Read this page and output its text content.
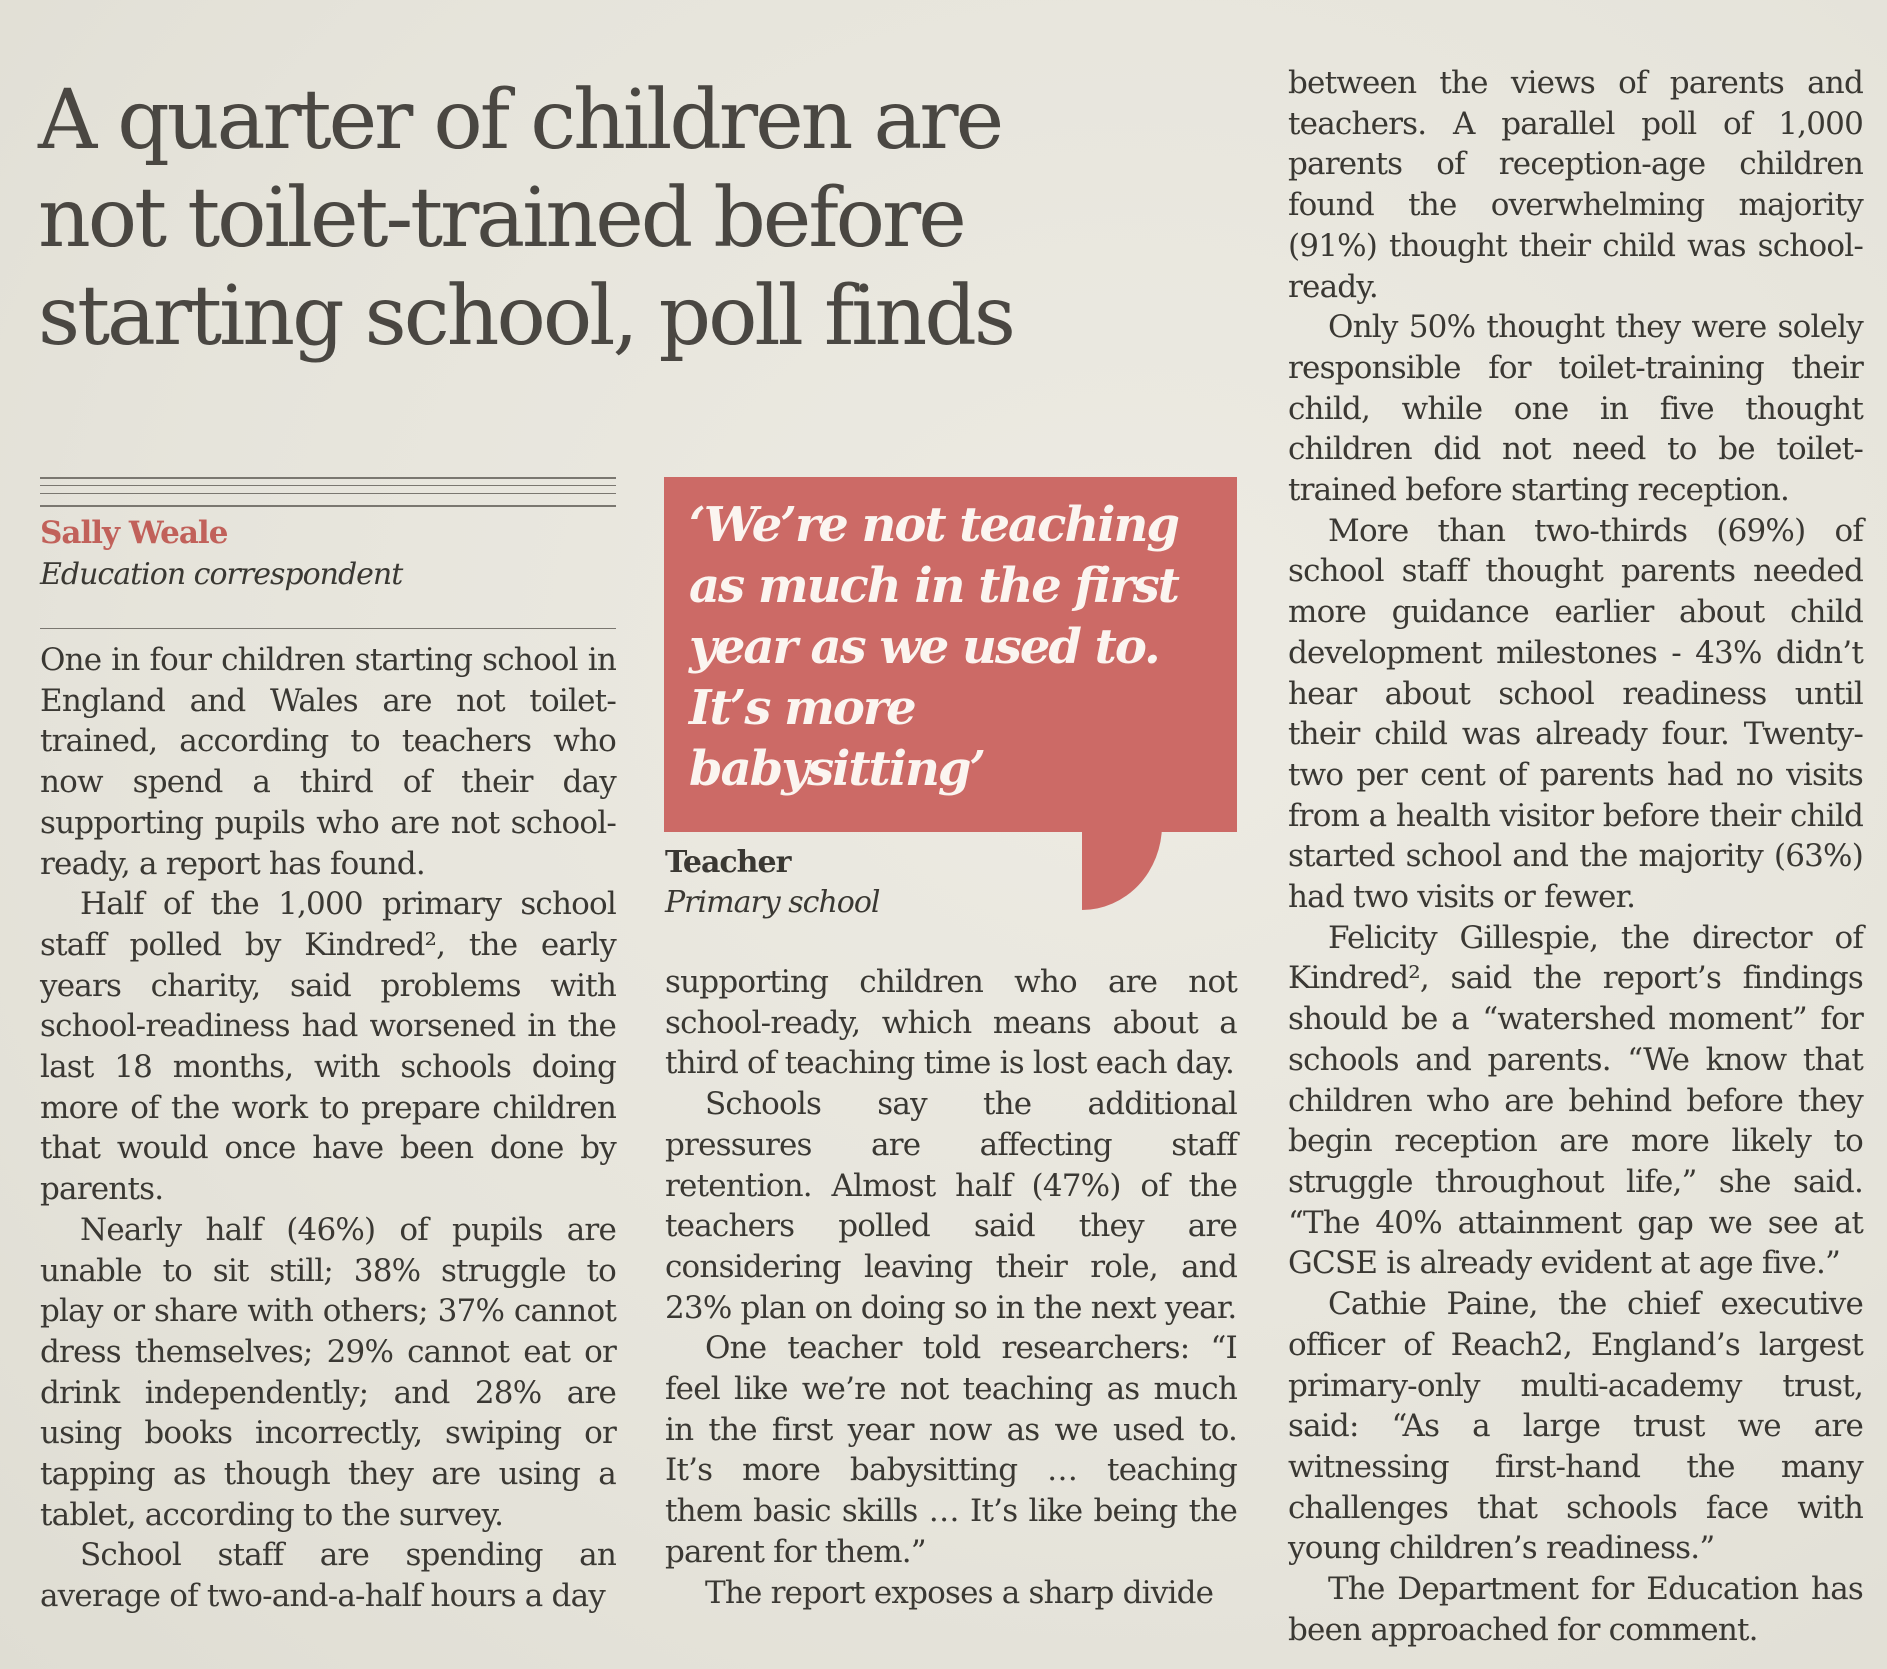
A quarter of children are
not toilet-trained before
starting school, poll finds
Sally Weale
Education correspondent

One in four children starting school in England and Wales are not toilet-trained, according to teachers who now spend a third of their day supporting pupils who are not school-ready, a report has found.

Half of the 1,000 primary school staff polled by Kindred², the early years charity, said problems with school-readiness had worsened in the last 18 months, with schools doing more of the work to prepare children that would once have been done by parents.

Nearly half (46%) of pupils are unable to sit still; 38% struggle to play or share with others; 37% cannot dress themselves; 29% cannot eat or drink independently; and 28% are using books incorrectly, swiping or tapping as though they are using a tablet, according to the survey.

School staff are spending an average of two-and-a-half hours a day

‘We’re not teaching as much in the first year as we used to. It’s more babysitting’

Teacher
Primary school

supporting children who are not school-ready, which means about a third of teaching time is lost each day.

Schools say the additional pressures are affecting staff retention. Almost half (47%) of the teachers polled said they are considering leaving their role, and 23% plan on doing so in the next year.

One teacher told researchers: “I feel like we’re not teaching as much in the first year now as we used to. It’s more babysitting … teaching them basic skills … It’s like being the parent for them.”

The report exposes a sharp divide

between the views of parents and teachers. A parallel poll of 1,000 parents of reception-age children found the overwhelming majority (91%) thought their child was school-ready.

Only 50% thought they were solely responsible for toilet-training their child, while one in five thought children did not need to be toilet-trained before starting reception.

More than two-thirds (69%) of school staff thought parents needed more guidance earlier about child development milestones - 43% didn’t hear about school readiness until their child was already four. Twenty-two per cent of parents had no visits from a health visitor before their child started school and the majority (63%) had two visits or fewer.

Felicity Gillespie, the director of Kindred², said the report’s findings should be a “watershed moment” for schools and parents. “We know that children who are behind before they begin reception are more likely to struggle throughout life,” she said. “The 40% attainment gap we see at GCSE is already evident at age five.”

Cathie Paine, the chief executive officer of Reach2, England’s largest primary-only multi-academy trust, said: “As a large trust we are witnessing first-hand the many challenges that schools face with young children’s readiness.”

The Department for Education has been approached for comment.
